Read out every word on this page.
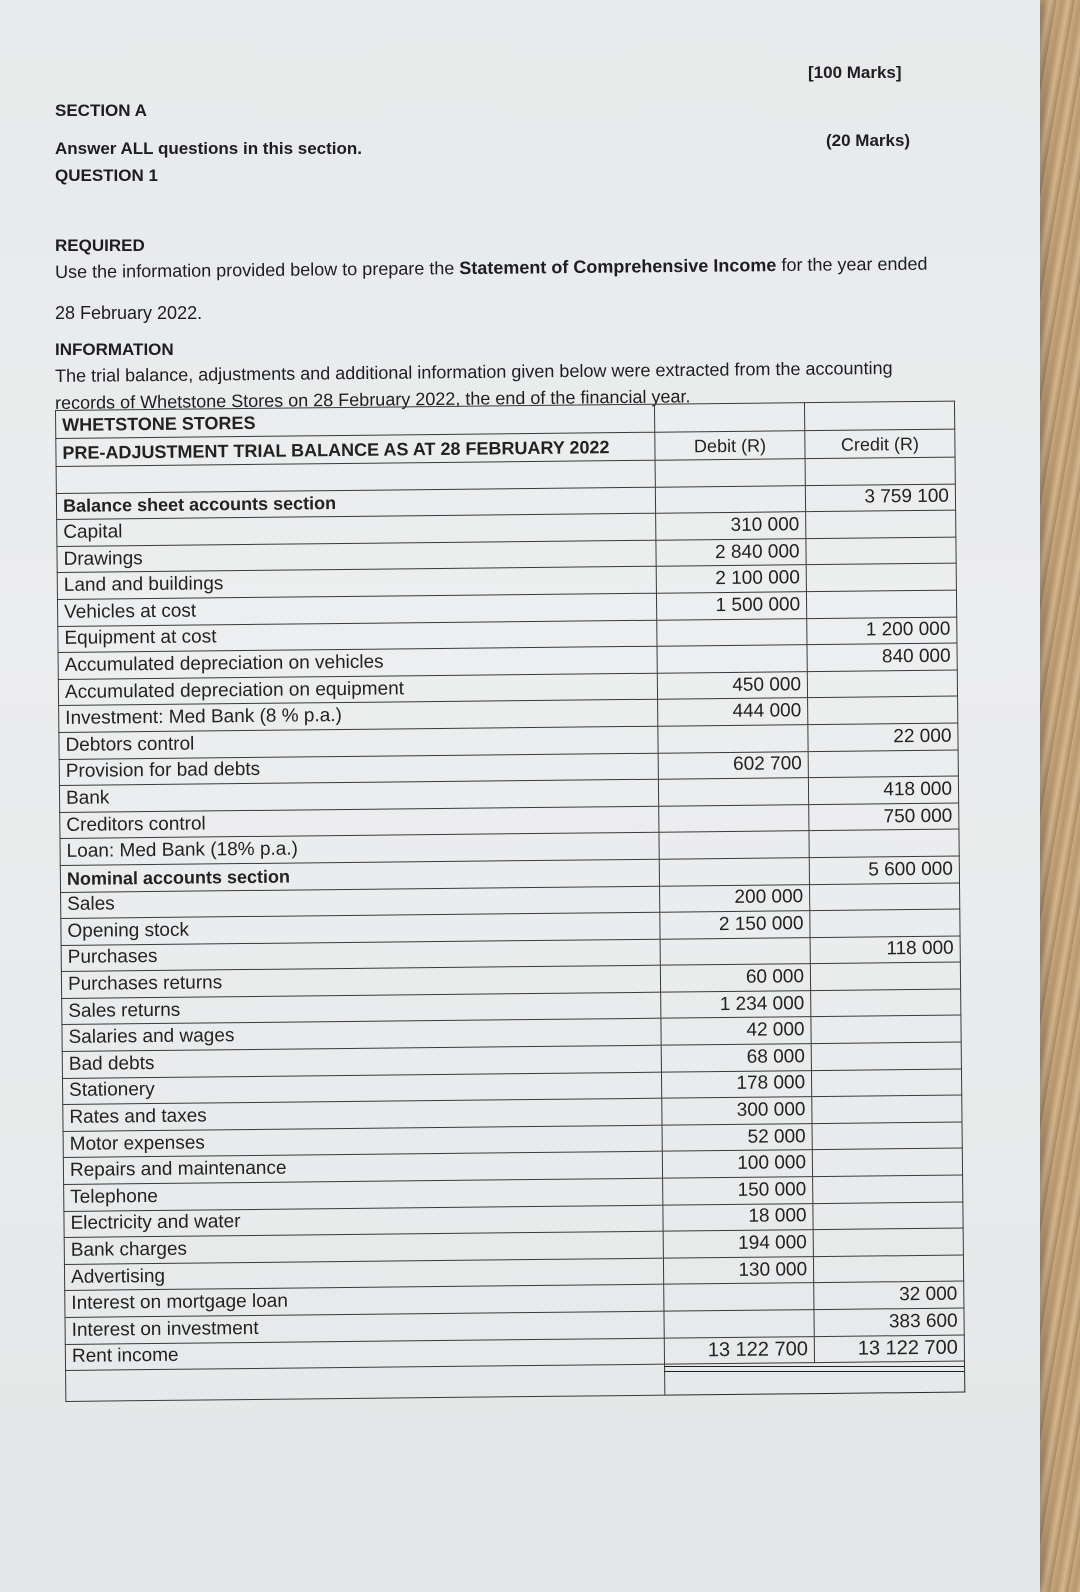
[100 Marks]
SECTION A
Answer ALL questions in this section.
QUESTION 1
(20 Marks)
REQUIRED
Use the information provided below to prepare the Statement of Comprehensive Income for the year ended
28 February 2022.
INFORMATION
The trial balance, adjustments and additional information given below were extracted from the accounting
records of Whetstone Stores on 28 February 2022, the end of the financial year.
WHETSTONE STORES		
PRE-ADJUSTMENT TRIAL BALANCE AS AT 28 FEBRUARY 2022	Debit (R)	Credit (R)

Balance sheet accounts section		3 759 100
Capital	310 000	
Drawings	2 840 000	
Land and buildings	2 100 000	
Vehicles at cost	1 500 000	
Equipment at cost		1 200 000
Accumulated depreciation on vehicles		840 000
Accumulated depreciation on equipment	450 000	
Investment: Med Bank (8 % p.a.)	444 000	
Debtors control		22 000
Provision for bad debts	602 700	
Bank		418 000
Creditors control		750 000
Loan: Med Bank (18% p.a.)		
Nominal accounts section		5 600 000
Sales	200 000	
Opening stock	2 150 000	
Purchases		118 000
Purchases returns	60 000	
Sales returns	1 234 000	
Salaries and wages	42 000	
Bad debts	68 000	
Stationery	178 000	
Rates and taxes	300 000	
Motor expenses	52 000	
Repairs and maintenance	100 000	
Telephone	150 000	
Electricity and water	18 000	
Bank charges	194 000	
Advertising	130 000	
Interest on mortgage loan		32 000
Interest on investment		383 600
Rent income	13 122 700	13 122 700
